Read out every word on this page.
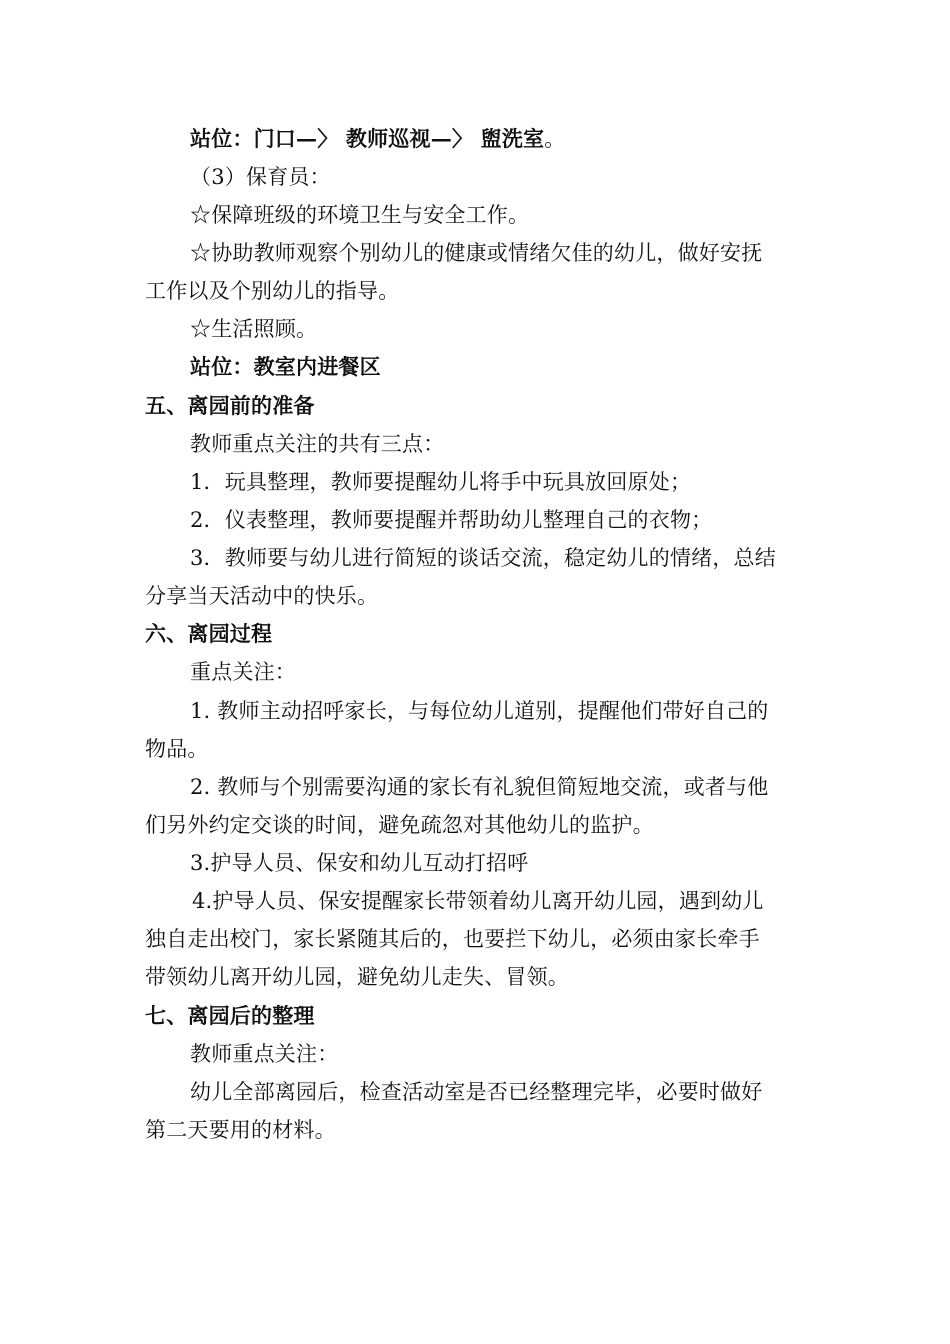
站位：门口—〉 教师巡视—〉 盥洗室。
（3）保育员：
☆保障班级的环境卫生与安全工作。
☆协助教师观察个别幼儿的健康或情绪欠佳的幼儿，做好安抚
工作以及个别幼儿的指导。
☆生活照顾。
站位：教室内进餐区
五、离园前的准备
教师重点关注的共有三点：
1．玩具整理，教师要提醒幼儿将手中玩具放回原处；
2．仪表整理，教师要提醒并帮助幼儿整理自己的衣物；
3．教师要与幼儿进行简短的谈话交流，稳定幼儿的情绪，总结
分享当天活动中的快乐。
六、离园过程
重点关注：
1. 教师主动招呼家长，与每位幼儿道别，提醒他们带好自己的
物品。
2. 教师与个别需要沟通的家长有礼貌但简短地交流，或者与他
们另外约定交谈的时间，避免疏忽对其他幼儿的监护。
3.护导人员、保安和幼儿互动打招呼
4.护导人员、保安提醒家长带领着幼儿离开幼儿园，遇到幼儿
独自走出校门，家长紧随其后的，也要拦下幼儿，必须由家长牵手
带领幼儿离开幼儿园，避免幼儿走失、冒领。
七、离园后的整理
教师重点关注：
幼儿全部离园后，检查活动室是否已经整理完毕，必要时做好
第二天要用的材料。
